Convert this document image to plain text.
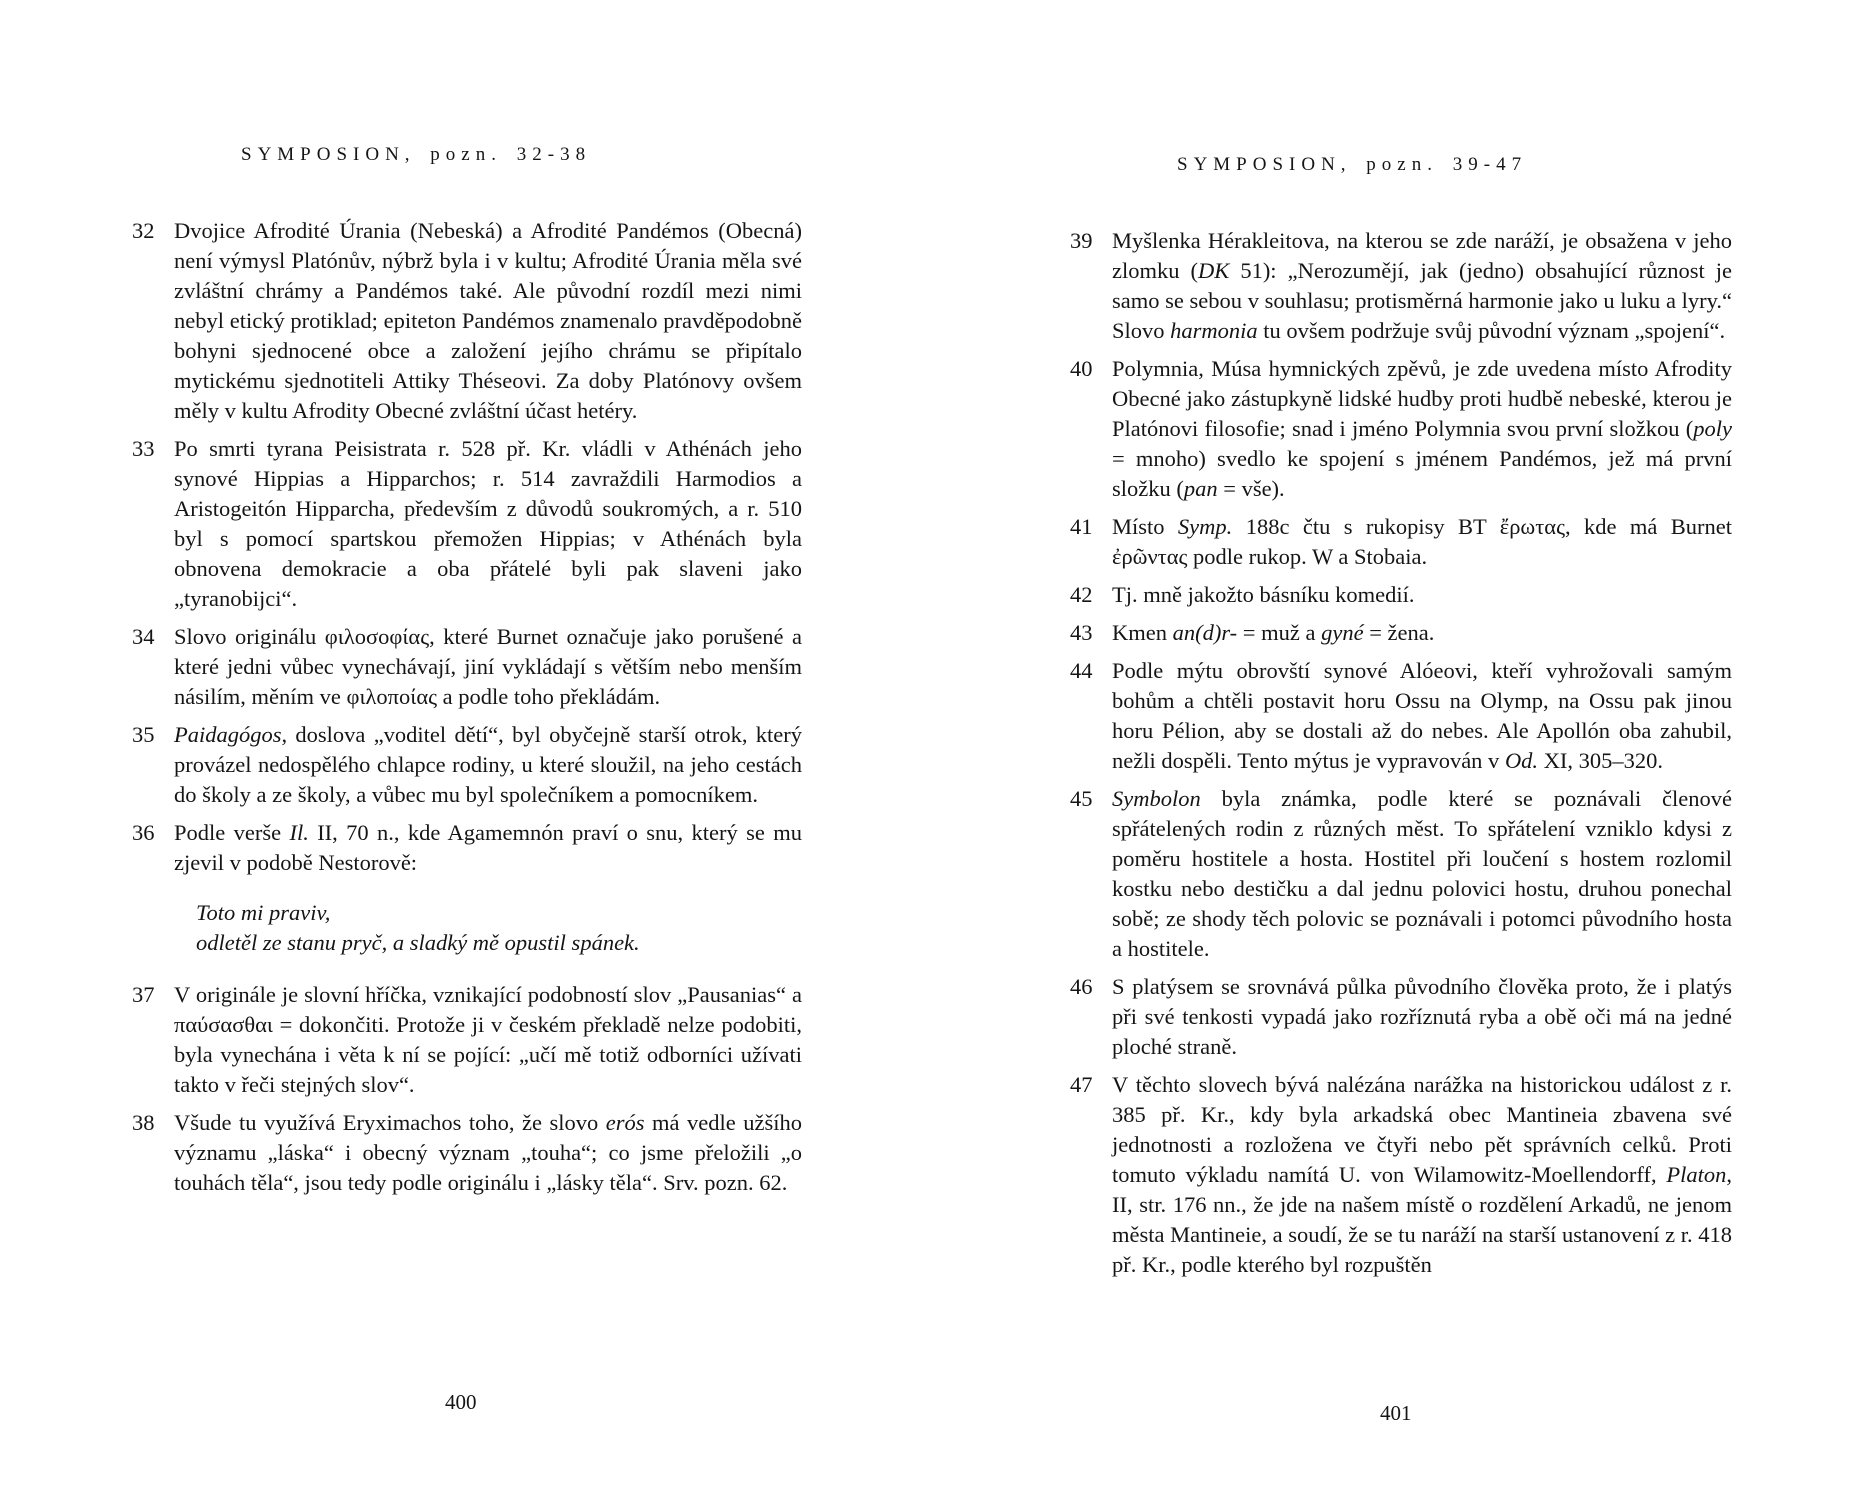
SYMPOSION, pozn. 32-38
32 Dvojice Afrodité Úrania (Nebeská) a Afrodité Pandémos (Obecná) není výmysl Platónův, nýbrž byla i v kultu; Afrodité Úrania měla své zvláštní chrámy a Pandémos také. Ale původní rozdíl mezi nimi nebyl etický protiklad; epiteton Pandémos znamenalo pravděpodobně bohyni sjednocené obce a založení jejího chrámu se připítalo mytickému sjednotiteli Attiky Théseovi. Za doby Platónovy ovšem měly v kultu Afrodity Obecné zvláštní účast hetéry.
33 Po smrti tyrana Peisistrata r. 528 př. Kr. vládli v Athénách jeho synové Hippias a Hipparchos; r. 514 zavraždili Harmodios a Aristogeitón Hipparcha, především z důvodů soukromých, a r. 510 byl s pomocí spartskou přemožen Hippias; v Athénách byla obnovena demokracie a oba přátelé byli pak slaveni jako „tyranobijci“.
34 Slovo originálu φιλοσοφίας, které Burnet označuje jako porušené a které jedni vůbec vynechávají, jiní vykládají s větším nebo menším násilím, měním ve φιλοποίας a podle toho překládám.
35 Paidagógos, doslova „voditel dětí“, byl obyčejně starší otrok, který provázel nedospělého chlapce rodiny, u které sloužil, na jeho cestách do školy a ze školy, a vůbec mu byl společníkem a pomocníkem.
36 Podle verše Il. II, 70 n., kde Agamemnón praví o snu, který se mu zjevil v podobě Nestorově:
Toto mi praviv,
odletěl ze stanu pryč, a sladký mě opustil spánek.
37 V originále je slovní hříčka, vznikající podobností slov „Pausanias“ a παύσασθαι = dokončiti. Protože ji v českém překladě nelze podobiti, byla vynechána i věta k ní se pojící: „učí mě totiž odborníci užívati takto v řeči stejných slov“.
38 Všude tu využívá Eryximachos toho, že slovo erós má vedle užšího významu „láska“ i obecný význam „touha“; co jsme přeložili „o touhách těla“, jsou tedy podle originálu i „lásky těla“. Srv. pozn. 62.
400
SYMPOSION, pozn. 39-47
39 Myšlenka Hérakleitova, na kterou se zde naráží, je obsažena v jeho zlomku (DK 51): „Nerozumějí, jak (jedno) obsahující různost je samo se sebou v souhlasu; protisměrná harmonie jako u luku a lyry.“ Slovo harmonia tu ovšem podržuje svůj původní význam „spojení“.
40 Polymnia, Músa hymnických zpěvů, je zde uvedena místo Afrodity Obecné jako zástupkyně lidské hudby proti hudbě nebeské, kterou je Platónovi filosofie; snad i jméno Polymnia svou první složkou (poly = mnoho) svedlo ke spojení s jménem Pandémos, jež má první složku (pan = vše).
41 Místo Symp. 188c čtu s rukopisy BT ἔρωτας, kde má Burnet ἐρῶντας podle rukop. W a Stobaia.
42 Tj. mně jakožto básníku komedií.
43 Kmen an(d)r- = muž a gyné = žena.
44 Podle mýtu obrovští synové Alóeovi, kteří vyhrožovali samým bohům a chtěli postavit horu Ossu na Olymp, na Ossu pak jinou horu Pélion, aby se dostali až do nebes. Ale Apollón oba zahubil, nežli dospěli. Tento mýtus je vypravován v Od. XI, 305–320.
45 Symbolon byla známka, podle které se poznávali členové spřátelených rodin z různých měst. To spřátelení vzniklo kdysi z poměru hostitele a hosta. Hostitel při loučení s hostem rozlomil kostku nebo destičku a dal jednu polovici hostu, druhou ponechal sobě; ze shody těch polovic se poznávali i potomci původního hosta a hostitele.
46 S platýsem se srovnává půlka původního člověka proto, že i platýs při své tenkosti vypadá jako rozříznutá ryba a obě oči má na jedné ploché straně.
47 V těchto slovech bývá nalézána narážka na historickou událost z r. 385 př. Kr., kdy byla arkadská obec Mantineia zbavena své jednotnosti a rozložena ve čtyři nebo pět správních celků. Proti tomuto výkladu namítá U. von Wilamowitz-Moellendorff, Platon, II, str. 176 nn., že jde na našem místě o rozdělení Arkadů, ne jenom města Mantineie, a soudí, že se tu naráží na starší ustanovení z r. 418 př. Kr., podle kterého byl rozpuštěn
401
